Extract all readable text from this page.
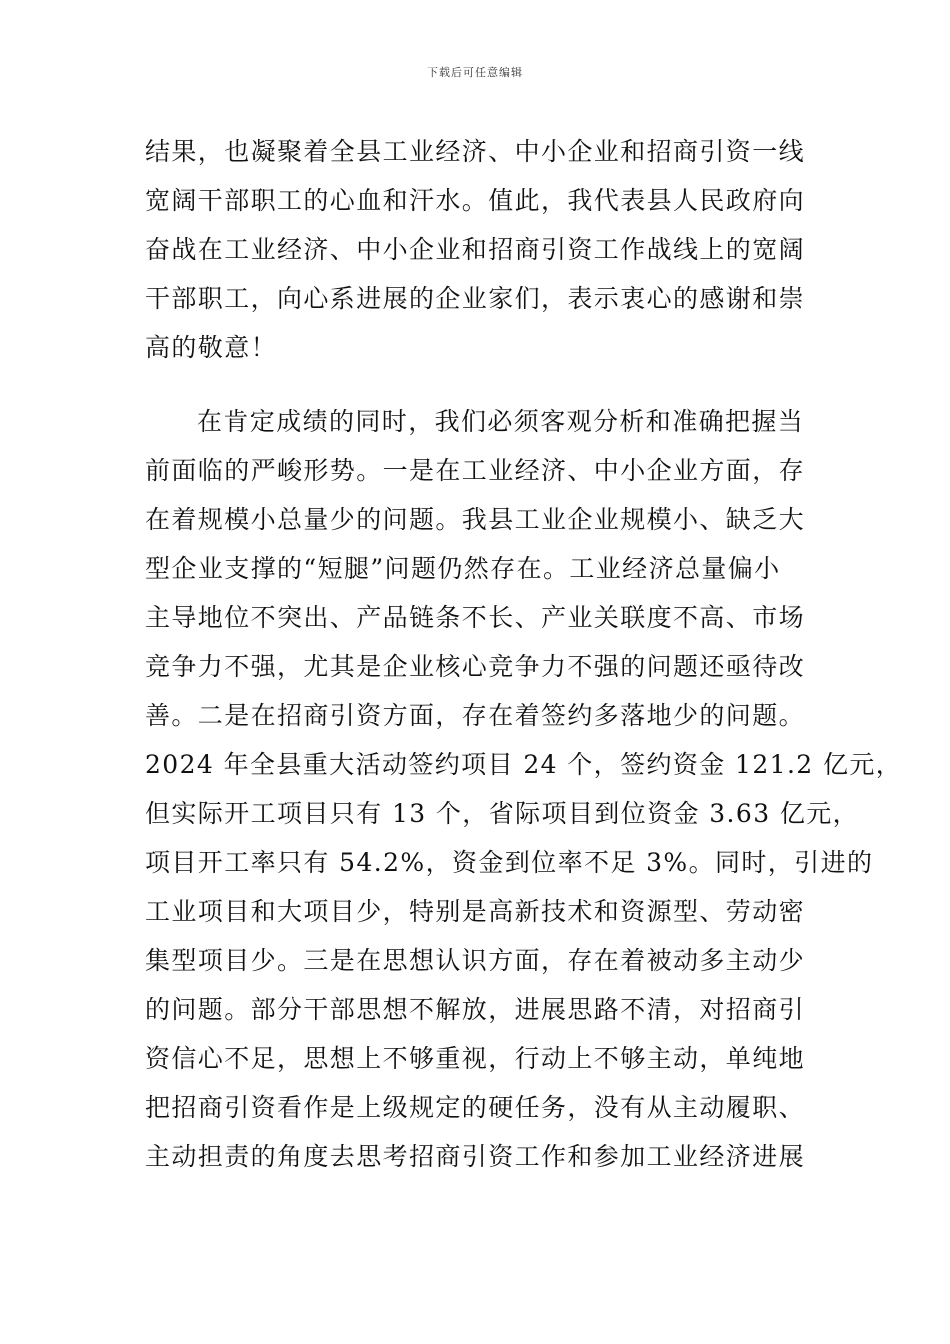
下载后可任意编辑
结果，也凝聚着全县工业经济、中小企业和招商引资一线
宽阔干部职工的心血和汗水。值此，我代表县人民政府向
奋战在工业经济、中小企业和招商引资工作战线上的宽阔
干部职工，向心系进展的企业家们，表示衷心的感谢和崇
高的敬意！
在肯定成绩的同时，我们必须客观分析和准确把握当
前面临的严峻形势。一是在工业经济、中小企业方面，存
在着规模小总量少的问题。我县工业企业规模小、缺乏大
型企业支撑的“短腿”问题仍然存在。工业经济总量偏小
主导地位不突出、产品链条不长、产业关联度不高、市场
竞争力不强，尤其是企业核心竞争力不强的问题还亟待改
善。二是在招商引资方面，存在着签约多落地少的问题。
2024 年全县重大活动签约项目 24 个，签约资金 121.2 亿元，
但实际开工项目只有 13 个，省际项目到位资金 3.63 亿元，
项目开工率只有 54.2%，资金到位率不足 3%。同时，引进的
工业项目和大项目少，特别是高新技术和资源型、劳动密
集型项目少。三是在思想认识方面，存在着被动多主动少
的问题。部分干部思想不解放，进展思路不清，对招商引
资信心不足，思想上不够重视，行动上不够主动，单纯地
把招商引资看作是上级规定的硬任务，没有从主动履职、
主动担责的角度去思考招商引资工作和参加工业经济进展
